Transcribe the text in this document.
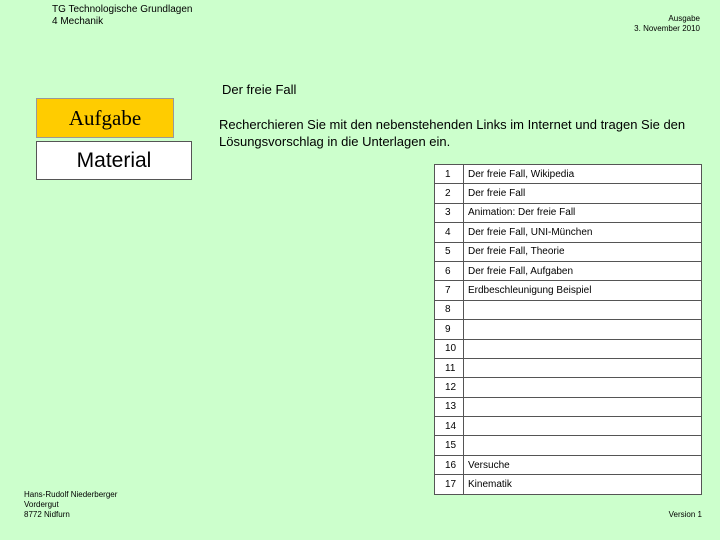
TG Technologische Grundlagen
4 Mechanik	Ausgabe
3. November 2010
Der freie Fall
Aufgabe
Material
Recherchieren Sie mit den nebenstehenden Links im Internet und tragen Sie den Lösungsvorschlag in die Unterlagen ein.
1	Der freie Fall, Wikipedia
2	Der freie Fall
3	Animation: Der freie Fall
4	Der freie Fall, UNI-München
5	Der freie Fall, Theorie
6	Der freie Fall, Aufgaben
7	Erdbeschleunigung Beispiel
8	
9	
10	
11	
12	
13	
14	
15	
16	Versuche
17	Kinematik
Hans-Rudolf Niederberger
Vordergut
8772 Nidfurn	Version 1
